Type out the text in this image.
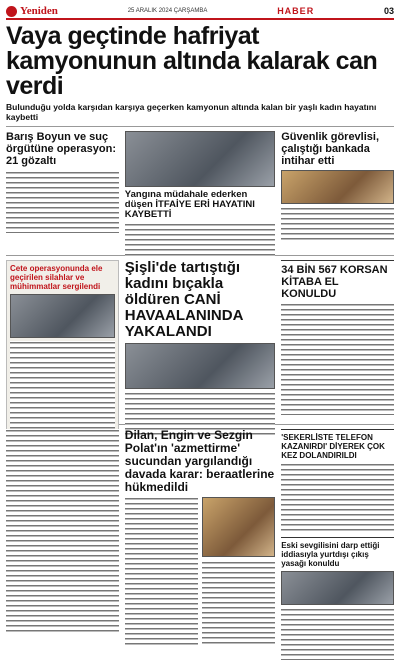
Yeniden	25 ARALIK 2024 ÇARŞAMBA	HABER	03
Vaya geçtinde hafriyat kamyonunun altında kalarak can verdi

Bulunduğu yolda karşıdan karşıya geçerken kamyonun altında kalan bir yaşlı kadın hayatını kaybetti

Barış Boyun ve suç örgütüne operasyon: 21 gözaltı
Yangına müdahale ederken düşen İTFAİYE ERİ HAYATINI KAYBETTİ
Güvenlik görevlisi, çalıştığı bankada intihar etti
Cete operasyonunda ele geçirilen silahlar ve mühimmatlar sergilendi
Şişli'de tartıştığı kadını bıçakla öldüren CANİ HAVAALANINDA YAKALANDI
34 BİN 567 KORSAN KİTABA EL KONULDU
Dilan, Engin ve Sezgin Polat'ın 'azmettirme' sucundan yargılandığı davada karar: beraatlerine hükmedildi
'SEKERLİSTE TELEFON KAZANIRDI' DİYEREK ÇOK KEZ DOLANDIRILDI
Eski sevgilisini darp ettiği iddiasıyla yurtdışı çıkış yasağı konuldu
